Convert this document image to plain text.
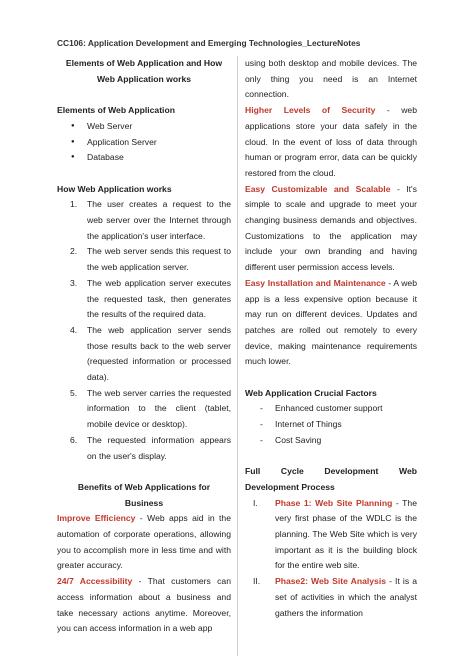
CC106: Application Development and Emerging Technologies_LectureNotes

Elements of Web Application and How Web Application works

Elements of Web Application

● Web Server
● Application Server
● Database

How Web Application works

1. The user creates a request to the web server over the Internet through the application's user interface.
2. The web server sends this request to the web application server.
3. The web application server executes the requested task, then generates the results of the required data.
4. The web application server sends those results back to the web server (requested information or processed data).
5. The web server carries the requested information to the client (tablet, mobile device or desktop).
6. The requested information appears on the user's display.

Benefits of Web Applications for Business

Improve Efficiency - Web apps aid in the automation of corporate operations, allowing you to accomplish more in less time and with greater accuracy.

24/7 Accessibility - That customers can access information about a business and take necessary actions anytime. Moreover, you can access information in a web app

using both desktop and mobile devices. The only thing you need is an Internet connection.

Higher Levels of Security - web applications store your data safely in the cloud. In the event of loss of data through human or program error, data can be quickly restored from the cloud.

Easy Customizable and Scalable - It's simple to scale and upgrade to meet your changing business demands and objectives. Customizations to the application may include your own branding and having different user permission access levels.

Easy Installation and Maintenance - A web app is a less expensive option because it may run on different devices. Updates and patches are rolled out remotely to every device, making maintenance requirements much lower.

Web Application Crucial Factors

- Enhanced customer support
- Internet of Things
- Cost Saving

Full Cycle Development Web Development Process

I. Phase 1: Web Site Planning - The very first phase of the WDLC is the planning. The Web Site which is very important as it is the building block for the entire web site.
II. Phase2: Web Site Analysis - It is a set of activities in which the analyst gathers the information
